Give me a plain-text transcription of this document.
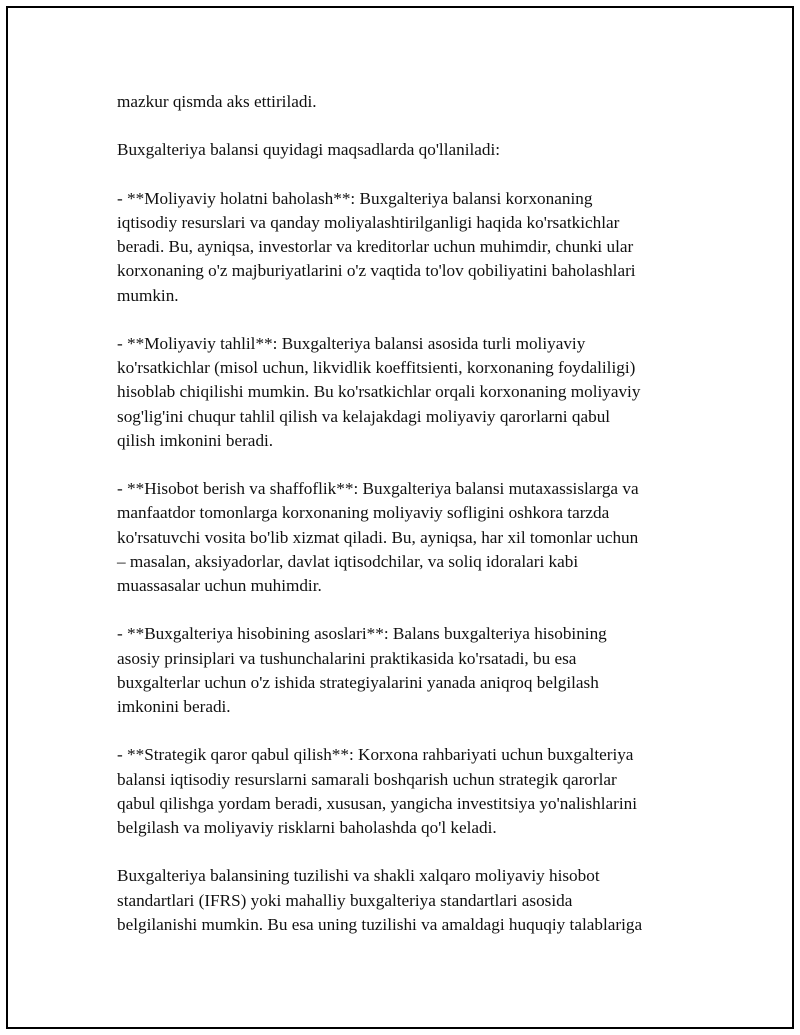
mazkur qismda aks ettiriladi.

Buxgalteriya balansi quyidagi maqsadlarda qo'llaniladi:

- **Moliyaviy holatni baholash**: Buxgalteriya balansi korxonaning
iqtisodiy resurslari va qanday moliyalashtirilganligi haqida ko'rsatkichlar
beradi. Bu, ayniqsa, investorlar va kreditorlar uchun muhimdir, chunki ular
korxonaning o'z majburiyatlarini o'z vaqtida to'lov qobiliyatini baholashlari
mumkin.

- **Moliyaviy tahlil**: Buxgalteriya balansi asosida turli moliyaviy
ko'rsatkichlar (misol uchun, likvidlik koeffitsienti, korxonaning foydaliligi)
hisoblab chiqilishi mumkin. Bu ko'rsatkichlar orqali korxonaning moliyaviy
sog'lig'ini chuqur tahlil qilish va kelajakdagi moliyaviy qarorlarni qabul
qilish imkonini beradi.

- **Hisobot berish va shaffoflik**: Buxgalteriya balansi mutaxassislarga va
manfaatdor tomonlarga korxonaning moliyaviy sofligini oshkora tarzda
ko'rsatuvchi vosita bo'lib xizmat qiladi. Bu, ayniqsa, har xil tomonlar uchun
– masalan, aksiyadorlar, davlat iqtisodchilar, va soliq idoralari kabi
muassasalar uchun muhimdir.

- **Buxgalteriya hisobining asoslari**: Balans buxgalteriya hisobining
asosiy prinsiplari va tushunchalarini praktikasida ko'rsatadi, bu esa
buxgalterlar uchun o'z ishida strategiyalarini yanada aniqroq belgilash
imkonini beradi.

- **Strategik qaror qabul qilish**: Korxona rahbariyati uchun buxgalteriya
balansi iqtisodiy resurslarni samarali boshqarish uchun strategik qarorlar
qabul qilishga yordam beradi, xususan, yangicha investitsiya yo'nalishlarini
belgilash va moliyaviy risklarni baholashda qo'l keladi.

Buxgalteriya balansining tuzilishi va shakli xalqaro moliyaviy hisobot
standartlari (IFRS) yoki mahalliy buxgalteriya standartlari asosida
belgilanishi mumkin. Bu esa uning tuzilishi va amaldagi huquqiy talablariga
